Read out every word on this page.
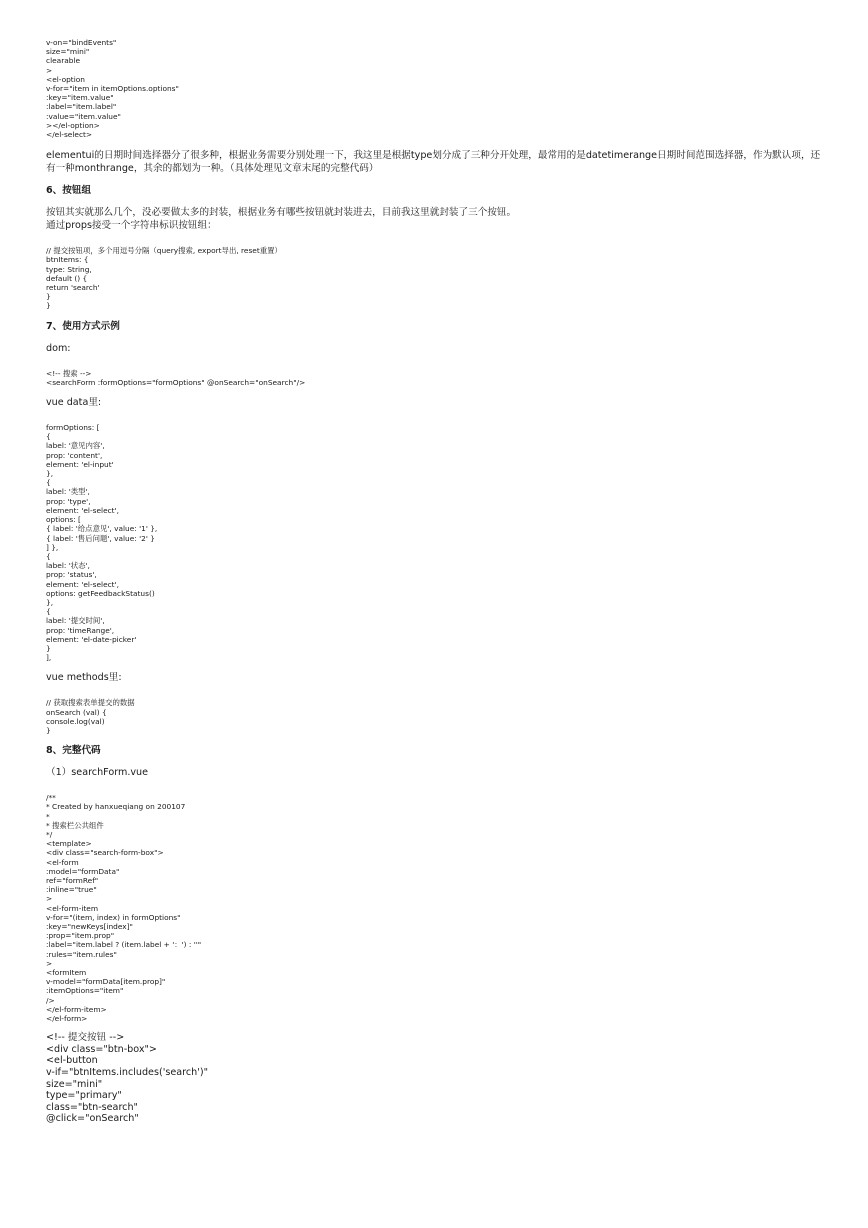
v-on="bindEvents"
size="mini"
clearable
>
<el-option
v-for="item in itemOptions.options"
:key="item.value"
:label="item.label"
:value="item.value"
></el-option>
</el-select>

elementui的日期时间选择器分了很多种，根据业务需要分别处理一下，我这里是根据type划分成了三种分开处理，最常用的是datetimerange日期时间范围选择器，作为默认项，还有一种monthrange，其余的都划为一种。（具体处理见文章末尾的完整代码）

6、按钮组

按钮其实就那么几个，没必要做太多的封装，根据业务有哪些按钮就封装进去，目前我这里就封装了三个按钮。

通过props接受一个字符串标识按钮组：

// 提交按钮项，多个用逗号分隔（query搜索, export导出, reset重置）
btnItems: {
type: String,
default () {
return 'search'
}
}

7、使用方式示例

dom:

<!-- 搜索 -->
<searchForm :formOptions="formOptions" @onSearch="onSearch"/>

vue data里:

formOptions: [
{
label: '意见内容',
prop: 'content',
element: 'el-input'
},
{
label: '类型',
prop: 'type',
element: 'el-select',
options: [
{ label: '给点意见', value: '1' },
{ label: '售后问题', value: '2' }
] },
{
label: '状态',
prop: 'status',
element: 'el-select',
options: getFeedbackStatus()
},
{
label: '提交时间',
prop: 'timeRange',
element: 'el-date-picker'
}
],

vue methods里:

// 获取搜索表单提交的数据
onSearch (val) {
console.log(val)
}

8、完整代码

（1）searchForm.vue

/**
* Created by hanxueqiang on 200107
*
* 搜索栏公共组件
*/
<template>
<div class="search-form-box">
<el-form
:model="formData"
ref="formRef"
:inline="true"
>
<el-form-item
v-for="(item, index) in formOptions"
:key="newKeys[index]"
:prop="item.prop"
:label="item.label ? (item.label + '：') : ''"
:rules="item.rules"
>
<formItem
v-model="formData[item.prop]"
:itemOptions="item"
/>
</el-form-item>
</el-form>
<!-- 提交按钮 -->
<div class="btn-box">
<el-button
v-if="btnItems.includes('search')"
size="mini"
type="primary"
class="btn-search"
@click="onSearch"
